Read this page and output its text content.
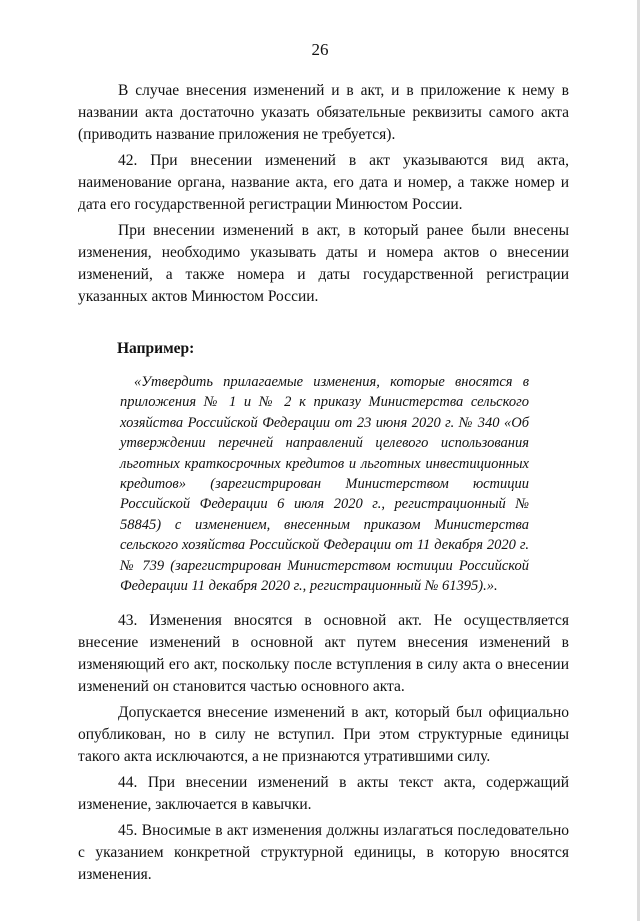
26

В случае внесения изменений и в акт, и в приложение к нему в названии акта достаточно указать обязательные реквизиты самого акта (приводить название приложения не требуется).

42. При внесении изменений в акт указываются вид акта, наименование органа, название акта, его дата и номер, а также номер и дата его государственной регистрации Минюстом России.

При внесении изменений в акт, в который ранее были внесены изменения, необходимо указывать даты и номера актов о внесении изменений, а также номера и даты государственной регистрации указанных актов Минюстом России.

Например:

«Утвердить прилагаемые изменения, которые вносятся в приложения № 1 и № 2 к приказу Министерства сельского хозяйства Российской Федерации от 23 июня 2020 г. № 340 «Об утверждении перечней направлений целевого использования льготных краткосрочных кредитов и льготных инвестиционных кредитов» (зарегистрирован Министерством юстиции Российской Федерации 6 июля 2020 г., регистрационный № 58845) с изменением, внесенным приказом Министерства сельского хозяйства Российской Федерации от 11 декабря 2020 г. № 739 (зарегистрирован Министерством юстиции Российской Федерации 11 декабря 2020 г., регистрационный № 61395).».

43. Изменения вносятся в основной акт. Не осуществляется внесение изменений в основной акт путем внесения изменений в изменяющий его акт, поскольку после вступления в силу акта о внесении изменений он становится частью основного акта.

Допускается внесение изменений в акт, который был официально опубликован, но в силу не вступил. При этом структурные единицы такого акта исключаются, а не признаются утратившими силу.

44. При внесении изменений в акты текст акта, содержащий изменение, заключается в кавычки.

45. Вносимые в акт изменения должны излагаться последовательно с указанием конкретной структурной единицы, в которую вносятся изменения.
